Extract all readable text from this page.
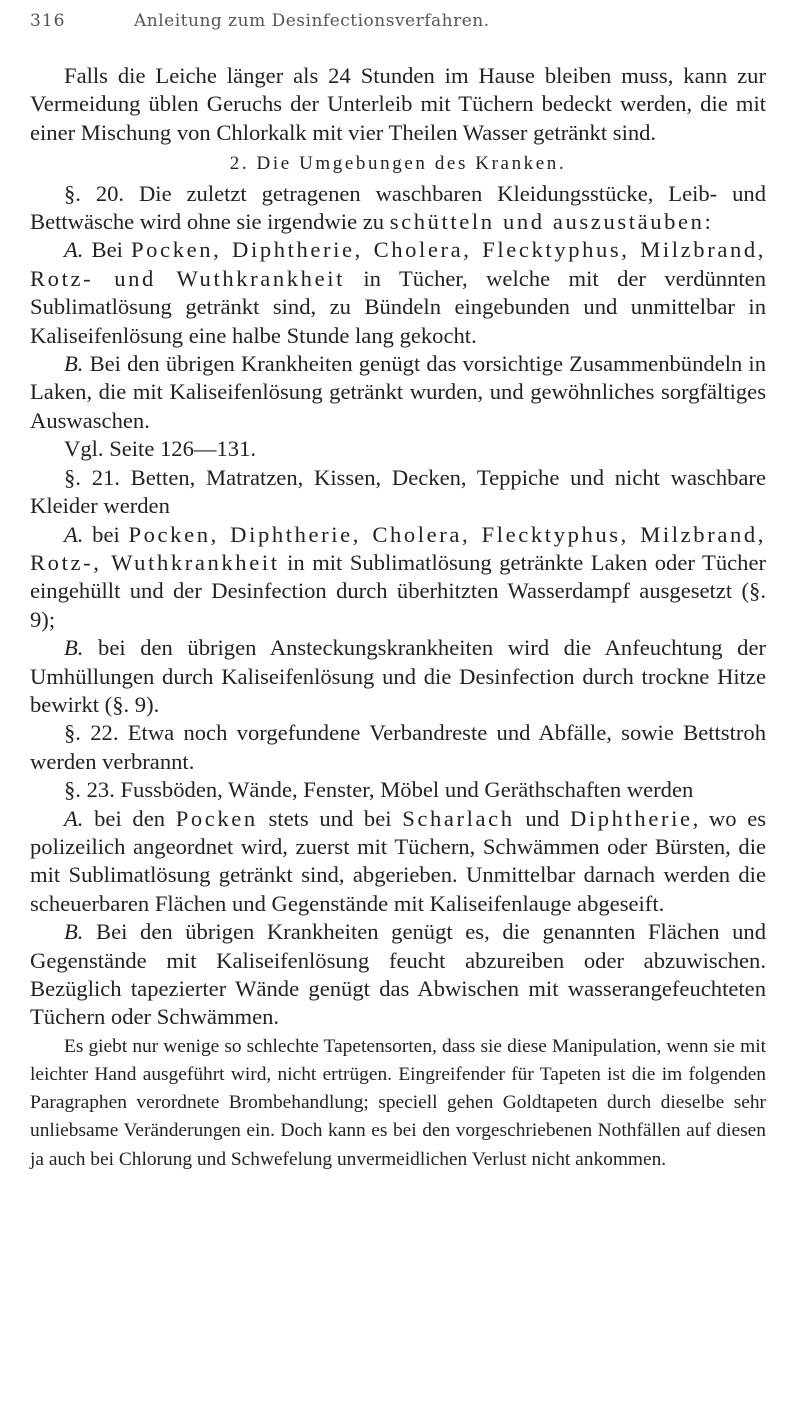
316	Anleitung zum Desinfectionsverfahren.

Falls die Leiche länger als 24 Stunden im Hause bleiben muss, kann zur Vermeidung üblen Geruchs der Unterleib mit Tüchern bedeckt werden, die mit einer Mischung von Chlorkalk mit vier Theilen Wasser getränkt sind.

2. Die Umgebungen des Kranken.

§. 20. Die zuletzt getragenen waschbaren Kleidungsstücke, Leib- und Bettwäsche wird ohne sie irgendwie zu schütteln und auszustäuben:

A. Bei Pocken, Diphtherie, Cholera, Flecktyphus, Milzbrand, Rotz- und Wuthkrankheit in Tücher, welche mit der verdünnten Sublimatlösung getränkt sind, zu Bündeln eingebunden und unmittelbar in Kaliseifenlösung eine halbe Stunde lang gekocht.

B. Bei den übrigen Krankheiten genügt das vorsichtige Zusammenbündeln in Laken, die mit Kaliseifenlösung getränkt wurden, und gewöhnliches sorgfältiges Auswaschen.

Vgl. Seite 126—131.

§. 21. Betten, Matratzen, Kissen, Decken, Teppiche und nicht waschbare Kleider werden

A. bei Pocken, Diphtherie, Cholera, Flecktyphus, Milzbrand, Rotz-, Wuthkrankheit in mit Sublimatlösung getränkte Laken oder Tücher eingehüllt und der Desinfection durch überhitzten Wasserdampf ausgesetzt (§. 9);

B. bei den übrigen Ansteckungskrankheiten wird die Anfeuchtung der Umhüllungen durch Kaliseifenlösung und die Desinfection durch trockne Hitze bewirkt (§. 9).

§. 22. Etwa noch vorgefundene Verbandreste und Abfälle, sowie Bettstroh werden verbrannt.

§. 23. Fussböden, Wände, Fenster, Möbel und Geräthschaften werden

A. bei den Pocken stets und bei Scharlach und Diphtherie, wo es polizeilich angeordnet wird, zuerst mit Tüchern, Schwämmen oder Bürsten, die mit Sublimatlösung getränkt sind, abgerieben. Unmittelbar darnach werden die scheuerbaren Flächen und Gegenstände mit Kaliseifenlauge abgeseift.

B. Bei den übrigen Krankheiten genügt es, die genannten Flächen und Gegenstände mit Kaliseifenlösung feucht abzureiben oder abzuwischen. Bezüglich tapezierter Wände genügt das Abwischen mit wasserangefeuchteten Tüchern oder Schwämmen.

Es giebt nur wenige so schlechte Tapetensorten, dass sie diese Manipulation, wenn sie mit leichter Hand ausgeführt wird, nicht ertrügen. Eingreifender für Tapeten ist die im folgenden Paragraphen verordnete Brombehandlung; speciell gehen Goldtapeten durch dieselbe sehr unliebsame Veränderungen ein. Doch kann es bei den vorgeschriebenen Nothfällen auf diesen ja auch bei Chlorung und Schwefelung unvermeidlichen Verlust nicht ankommen.
